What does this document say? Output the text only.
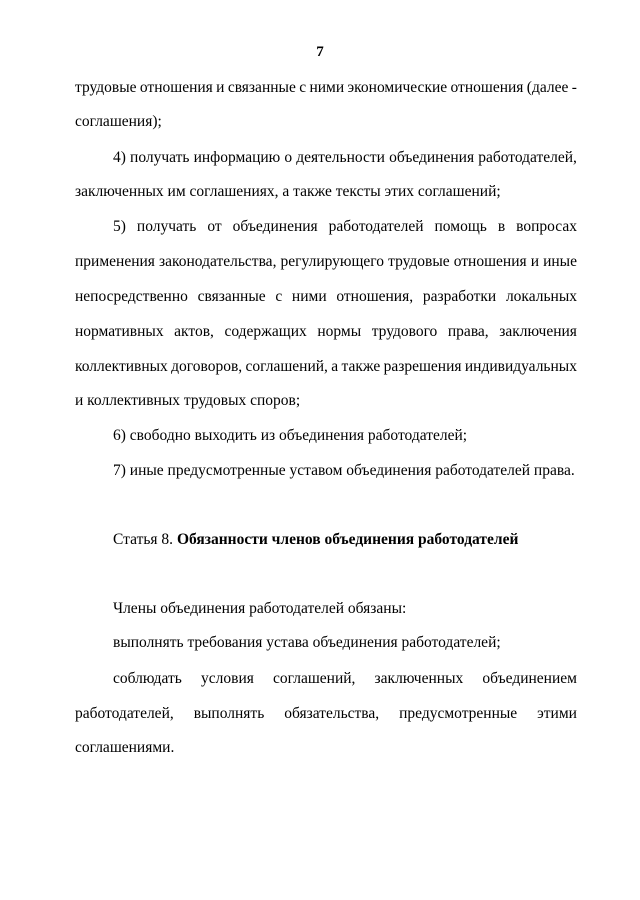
7
трудовые отношения и связанные с ними экономические отношения (далее -
соглашения);
4) получать информацию о деятельности объединения работодателей,
заключенных им соглашениях, а также тексты этих соглашений;
5) получать от объединения работодателей помощь в вопросах
применения законодательства, регулирующего трудовые отношения и иные
непосредственно связанные с ними отношения, разработки локальных
нормативных актов, содержащих нормы трудового права, заключения
коллективных договоров, соглашений, а также разрешения индивидуальных
и коллективных трудовых споров;
6) свободно выходить из объединения работодателей;
7) иные предусмотренные уставом объединения работодателей права.
Статья 8. Обязанности членов объединения работодателей
Члены объединения работодателей обязаны:
выполнять требования устава объединения работодателей;
соблюдать условия соглашений, заключенных объединением
работодателей, выполнять обязательства, предусмотренные этими
соглашениями.
